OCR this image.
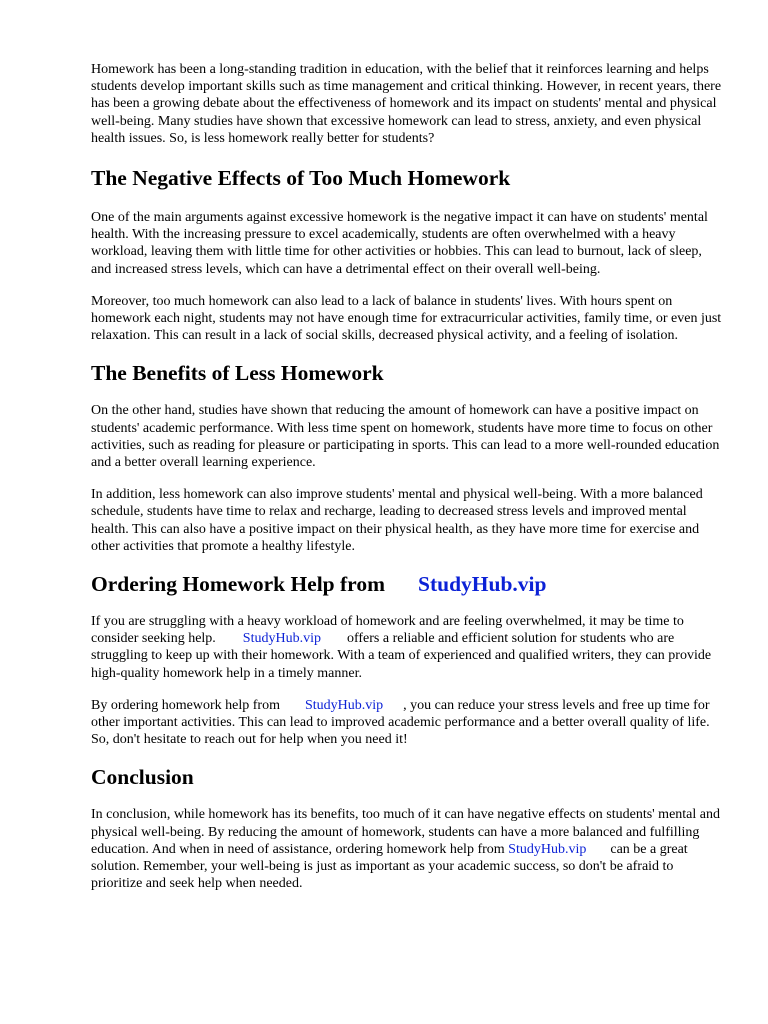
Homework has been a long-standing tradition in education, with the belief that it reinforces learning and helps students develop important skills such as time management and critical thinking. However, in recent years, there has been a growing debate about the effectiveness of homework and its impact on students' mental and physical well-being. Many studies have shown that excessive homework can lead to stress, anxiety, and even physical health issues. So, is less homework really better for students?

The Negative Effects of Too Much Homework

One of the main arguments against excessive homework is the negative impact it can have on students' mental health. With the increasing pressure to excel academically, students are often overwhelmed with a heavy workload, leaving them with little time for other activities or hobbies. This can lead to burnout, lack of sleep, and increased stress levels, which can have a detrimental effect on their overall well-being.

Moreover, too much homework can also lead to a lack of balance in students' lives. With hours spent on homework each night, students may not have enough time for extracurricular activities, family time, or even just relaxation. This can result in a lack of social skills, decreased physical activity, and a feeling of isolation.

The Benefits of Less Homework

On the other hand, studies have shown that reducing the amount of homework can have a positive impact on students' academic performance. With less time spent on homework, students have more time to focus on other activities, such as reading for pleasure or participating in sports. This can lead to a more well-rounded education and a better overall learning experience.

In addition, less homework can also improve students' mental and physical well-being. With a more balanced schedule, students have time to relax and recharge, leading to decreased stress levels and improved mental health. This can also have a positive impact on their physical health, as they have more time for exercise and other activities that promote a healthy lifestyle.

Ordering Homework Help from StudyHub.vip

If you are struggling with a heavy workload of homework and are feeling overwhelmed, it may be time to consider seeking help. StudyHub.vip offers a reliable and efficient solution for students who are struggling to keep up with their homework. With a team of experienced and qualified writers, they can provide high-quality homework help in a timely manner.

By ordering homework help from StudyHub.vip , you can reduce your stress levels and free up time for other important activities. This can lead to improved academic performance and a better overall quality of life. So, don't hesitate to reach out for help when you need it!

Conclusion

In conclusion, while homework has its benefits, too much of it can have negative effects on students' mental and physical well-being. By reducing the amount of homework, students can have a more balanced and fulfilling education. And when in need of assistance, ordering homework help from StudyHub.vip can be a great solution. Remember, your well-being is just as important as your academic success, so don't be afraid to prioritize and seek help when needed.
